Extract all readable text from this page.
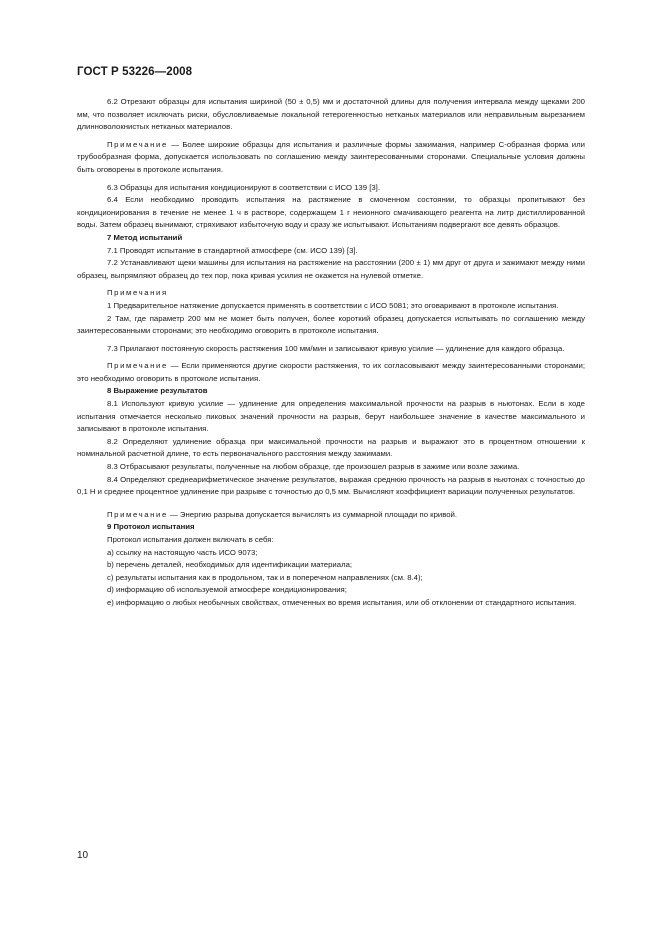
ГОСТ Р 53226—2008

6.2 Отрезают образцы для испытания шириной (50 ± 0,5) мм и достаточной длины для получения интервала между щеками 200 мм, что позволяет исключать риски, обусловливаемые локальной гетерогенностью нетканых материалов или неправильным вырезанием длинноволокнистых нетканых материалов.

Примечание — Более широкие образцы для испытания и различные формы зажимания, например С-образная форма или трубообразная форма, допускается использовать по соглашению между заинтересованными сторонами. Специальные условия должны быть оговорены в протоколе испытания.

6.3 Образцы для испытания кондиционируют в соответствии с ИСО 139 [3].

6.4 Если необходимо проводить испытания на растяжение в смоченном состоянии, то образцы пропитывают без кондиционирования в течение не менее 1 ч в растворе, содержащем 1 г неионного смачивающего реагента на литр дистиллированной воды. Затем образец вынимают, стряхивают избыточную воду и сразу же испытывают. Испытаниям подвергают все девять образцов.

7 Метод испытаний

7.1 Проводят испытание в стандартной атмосфере (см. ИСО 139) [3].

7.2 Устанавливают щеки машины для испытания на растяжение на расстоянии (200 ± 1) мм друг от друга и зажимают между ними образец, выпрямляют образец до тех пор, пока кривая усилия не окажется на нулевой отметке.

Примечания

1 Предварительное натяжение допускается применять в соответствии с ИСО 5081; это оговаривают в протоколе испытания.

2 Там, где параметр 200 мм не может быть получен, более короткий образец допускается испытывать по соглашению между заинтересованными сторонами; это необходимо оговорить в протоколе испытания.

7.3 Прилагают постоянную скорость растяжения 100 мм/мин и записывают кривую усилие — удлинение для каждого образца.

Примечание — Если применяются другие скорости растяжения, то их согласовывают между заинтересованными сторонами; это необходимо оговорить в протоколе испытания.

8 Выражение результатов

8.1 Используют кривую усилие — удлинение для определения максимальной прочности на разрыв в ньютонах. Если в ходе испытания отмечается несколько пиковых значений прочности на разрыв, берут наибольшее значение в качестве максимального и записывают в протоколе испытания.

8.2 Определяют удлинение образца при максимальной прочности на разрыв и выражают это в процентном отношении к номинальной расчетной длине, то есть первоначального расстояния между зажимами.

8.3 Отбрасывают результаты, полученные на любом образце, где произошел разрыв в зажиме или возле зажима.

8.4 Определяют среднеарифметическое значение результатов, выражая среднюю прочность на разрыв в ньютонах с точностью до 0,1 Н и среднее процентное удлинение при разрыве с точностью до 0,5 мм. Вычисляют коэффициент вариации полученных результатов.

Примечание — Энергию разрыва допускается вычислять из суммарной площади по кривой.

9 Протокол испытания

Протокол испытания должен включать в себя:

a) ссылку на настоящую часть ИСО 9073;

b) перечень деталей, необходимых для идентификации материала;

c) результаты испытания как в продольном, так и в поперечном направлениях (см. 8.4);

d) информацию об используемой атмосфере кондиционирования;

e) информацию о любых необычных свойствах, отмеченных во время испытания, или об отклонении от стандартного испытания.

10
